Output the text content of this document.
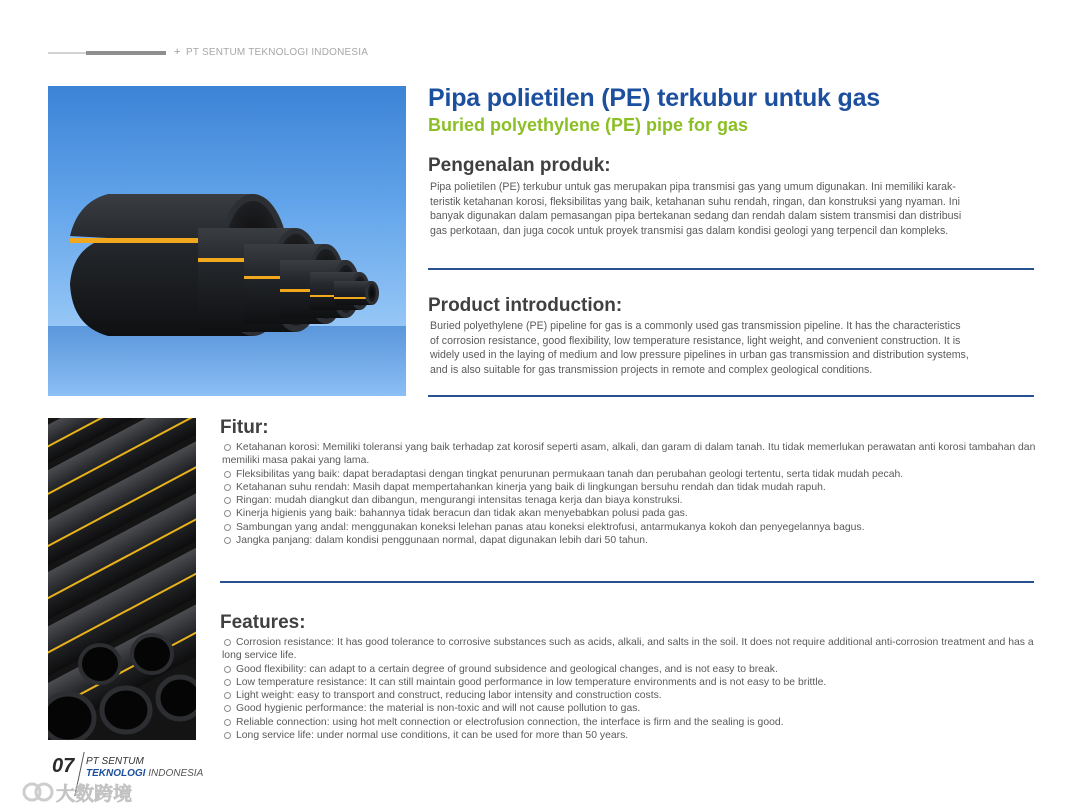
+ PT SENTUM TEKNOLOGI INDONESIA
Pipa polietilen (PE) terkubur untuk gas
Buried polyethylene (PE) pipe for gas
Pengenalan produk:
Pipa polietilen (PE) terkubur untuk gas merupakan pipa transmisi gas yang umum digunakan. Ini memiliki karak-
teristik ketahanan korosi, fleksibilitas yang baik, ketahanan suhu rendah, ringan, dan konstruksi yang nyaman. Ini
banyak digunakan dalam pemasangan pipa bertekanan sedang dan rendah dalam sistem transmisi dan distribusi
gas perkotaan, dan juga cocok untuk proyek transmisi gas dalam kondisi geologi yang terpencil dan kompleks.
Product introduction:
Buried polyethylene (PE) pipeline for gas is a commonly used gas transmission pipeline. It has the characteristics
of corrosion resistance, good flexibility, low temperature resistance, light weight, and convenient construction. It is
widely used in the laying of medium and low pressure pipelines in urban gas transmission and distribution systems,
and is also suitable for gas transmission projects in remote and complex geological conditions.
Fitur:
Ketahanan korosi: Memiliki toleransi yang baik terhadap zat korosif seperti asam, alkali, dan garam di dalam tanah. Itu tidak memerlukan perawatan anti korosi tambahan dan memiliki masa pakai yang lama.
Fleksibilitas yang baik: dapat beradaptasi dengan tingkat penurunan permukaan tanah dan perubahan geologi tertentu, serta tidak mudah pecah.
Ketahanan suhu rendah: Masih dapat mempertahankan kinerja yang baik di lingkungan bersuhu rendah dan tidak mudah rapuh.
Ringan: mudah diangkut dan dibangun, mengurangi intensitas tenaga kerja dan biaya konstruksi.
Kinerja higienis yang baik: bahannya tidak beracun dan tidak akan menyebabkan polusi pada gas.
Sambungan yang andal: menggunakan koneksi lelehan panas atau koneksi elektrofusi, antarmukanya kokoh dan penyegelannya bagus.
Jangka panjang: dalam kondisi penggunaan normal, dapat digunakan lebih dari 50 tahun.
Features:
Corrosion resistance: It has good tolerance to corrosive substances such as acids, alkali, and salts in the soil. It does not require additional anti-corrosion treatment and has a long service life.
Good flexibility: can adapt to a certain degree of ground subsidence and geological changes, and is not easy to break.
Low temperature resistance: It can still maintain good performance in low temperature environments and is not easy to be brittle.
Light weight: easy to transport and construct, reducing labor intensity and construction costs.
Good hygienic performance: the material is non-toxic and will not cause pollution to gas.
Reliable connection: using hot melt connection or electrofusion connection, the interface is firm and the sealing is good.
Long service life: under normal use conditions, it can be used for more than 50 years.
07 PT SENTUM
TEKNOLOGI INDONESIA
大数跨境
